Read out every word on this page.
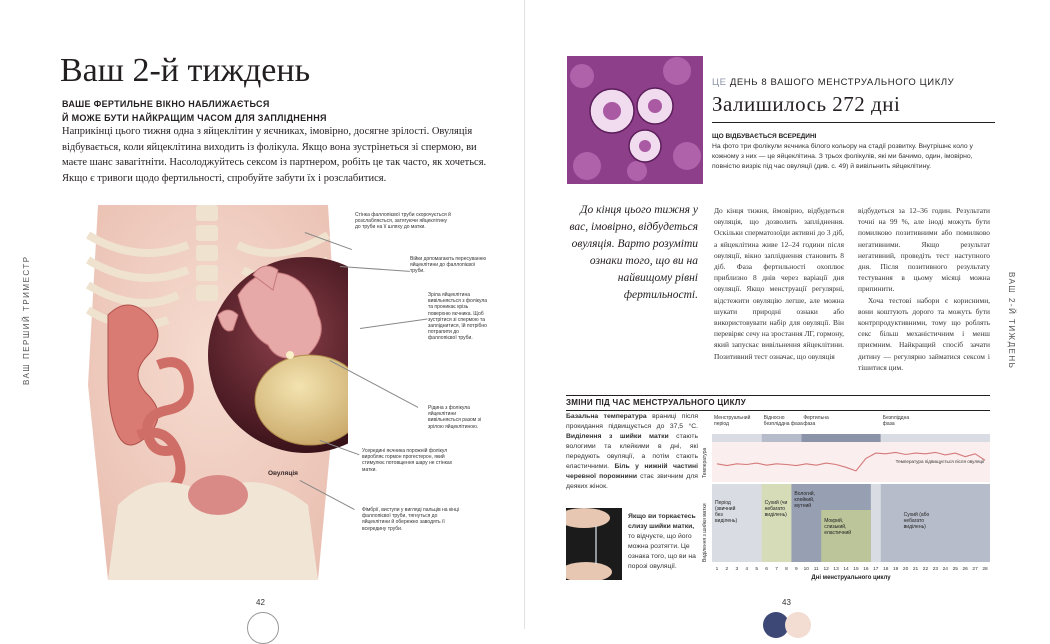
Ваш 2-й тиждень
ВАШЕ ФЕРТИЛЬНЕ ВІКНО НАБЛИЖАЄТЬСЯ
Й МОЖЕ БУТИ НАЙКРАЩИМ ЧАСОМ ДЛЯ ЗАПЛІДНЕННЯ
Наприкінці цього тижня одна з яйцеклітин у яєчниках, імовірно, досягне зрілості. Овуляція відбувається, коли яйцеклітина виходить із фолікула. Якщо вона зустрінеться зі спермою, ви маєте шанс завагітніти. Насолоджуйтесь сексом із партнером, робіть це так часто, як хочеться. Якщо є тривоги щодо фертильності, спробуйте забути їх і розслабитися.
ВАШ ПЕРШИЙ ТРИМЕСТР
Овуляція
Стінка фаллопієвої труби скорочується й розслабляється, затягуючи яйцеклітину до труби на її шляху до матки.
Війки допомагають пересуванню яйцеклітини до фаллопієвої труби.
Зріла яйцеклітина вивільняється з фолікула та проникає крізь поверхню яєчника. Щоб зустрітися зі спермою та запліднитися, їй потрібно потрапити до фаллопієвої труби.
Рідина з фолікула яйцеклітини вивільняється разом зі зрілою яйцеклітиною.
Усередині яєчника порожній фолікул виробляє гормон прогестерон, який стимулює потовщення шару не стінках матки.
Фімбрії, виступи у вигляді пальців на кінці фаллопієвої труби, тягнуться до яйцеклітини й обережно заводять її всередину труби.
42
ЦЕ ДЕНЬ 8 ВАШОГО МЕНСТРУАЛЬНОГО ЦИКЛУ
Залишилось 272 дні
ЩО ВІДБУВАЄТЬСЯ ВСЕРЕДИНІ
На фото три фолікули яєчника білого кольору на стадії розвитку. Внутрішнє коло у кожному з них — це яйцеклітина. З трьох фолікулів, які ми бачимо, один, імовірно, повністю визріє під час овуляції (див. с. 49) й вивільнить яйцеклітину.
До кінця цього тижня у вас, імовірно, відбудеться овуляція. Варто розуміти ознаки того, що ви на найвищому рівні фертильності.
До кінця тижня, ймовірно, відбудеться овуляція, що дозволить запліднення. Оскільки сперматозоїди активні до 3 діб, а яйцеклітина живе 12–24 години після овуляції, вікно запліднення становить 8 діб. Фаза фертильності охоплює приблизно 8 днів через варіації дня овуляції. Якщо менструації регулярні, відстежити овуляцію легше, але можна шукати природні ознаки або використовувати набір для овуляції. Він перевіряє сечу на зростання ЛГ, гормону, який запускає вивільнення яйцеклітини. Позитивний тест означає, що овуляція
відбудеться за 12–36 годин. Результати точні на 99 %, але іноді можуть бути помилково позитивними або помилково негативними. Якщо результат негативний, проведіть тест наступного дня. Після позитивного результату тестування в цьому місяці можна припинити.
Хоча тестові набори є корисними, вони коштують дорого та можуть бути контрпродуктивними, тому що роблять секс більш механістичним і менш приємним. Найкращий спосіб зачати дитину — регулярно займатися сексом і тішитися цим.	ВАШ 2-Й ТИЖДЕНЬ
ЗМІНИ ПІД ЧАС МЕНСТРУАЛЬНОГО ЦИКЛУ
Базальна температура враниці після прокидання підвищується до 37,5 °С. Виділення з шийки матки стають вологими та клейкими в дні, які передують овуляції, а потім стають еластичними. Біль у нижній частині черевної порожнини стає звичним для деяких жінок.
Якщо ви торкаєтесь слизу шийки матки, то відчуєте, що його можна розтягти. Це ознака того, що ви на порозі овуляції.
Менструальний
період
Відносно
безпліддна фаза
Фертильна
фаза
Безпліддна
фаза
Температура підвищується після овуляції
Температура
Період
(звичний
без
виділень)
Сухий (чи
небагато
виділень)
Вологий,
клейкий,
мутний
Мокрий,
слизький,
еластичний
Сухий (або
небагато
виділень)
Виділення з шийки матки
1 2 3 4 5 6 7 8 9 10 11 12 13 14 15 16 17 18 19 20 21 22 23 24 25 26 27 28
Дні менструального циклу
43
